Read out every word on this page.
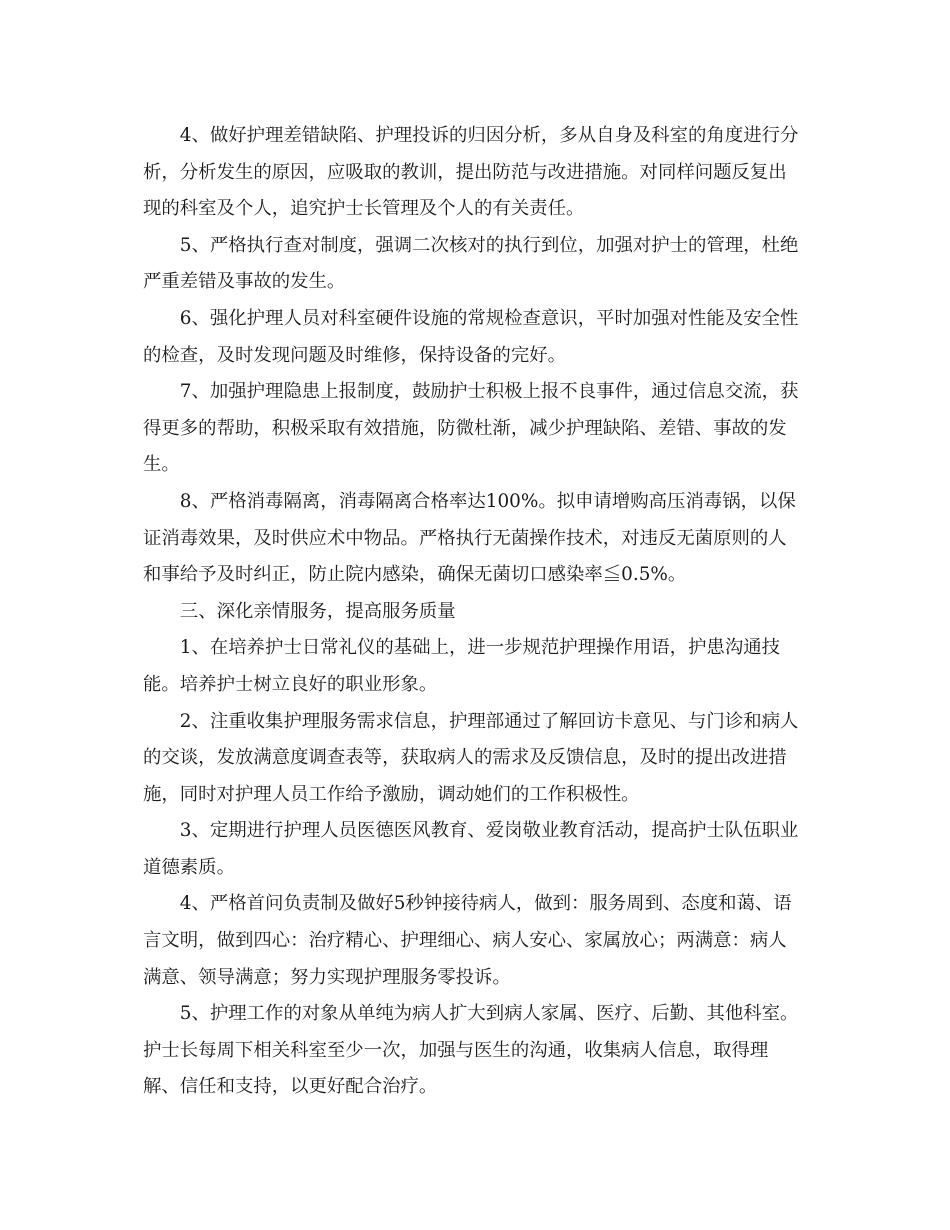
4、做好护理差错缺陷、护理投诉的归因分析，多从自身及科室的角度进行分
析，分析发生的原因，应吸取的教训，提出防范与改进措施。对同样问题反复出
现的科室及个人，追究护士长管理及个人的有关责任。

5、严格执行查对制度，强调二次核对的执行到位，加强对护士的管理，杜绝
严重差错及事故的发生。

6、强化护理人员对科室硬件设施的常规检查意识，平时加强对性能及安全性
的检查，及时发现问题及时维修，保持设备的完好。

7、加强护理隐患上报制度，鼓励护士积极上报不良事件，通过信息交流，获
得更多的帮助，积极采取有效措施，防微杜渐，减少护理缺陷、差错、事故的发
生。

8、严格消毒隔离，消毒隔离合格率达100%。拟申请增购高压消毒锅，以保
证消毒效果，及时供应术中物品。严格执行无菌操作技术，对违反无菌原则的人
和事给予及时纠正，防止院内感染，确保无菌切口感染率≦0.5%。

三、深化亲情服务，提高服务质量

1、在培养护士日常礼仪的基础上，进一步规范护理操作用语，护患沟通技
能。培养护士树立良好的职业形象。

2、注重收集护理服务需求信息，护理部通过了解回访卡意见、与门诊和病人
的交谈，发放满意度调查表等，获取病人的需求及反馈信息，及时的提出改进措
施，同时对护理人员工作给予激励，调动她们的工作积极性。

3、定期进行护理人员医德医风教育、爱岗敬业教育活动，提高护士队伍职业
道德素质。

4、严格首问负责制及做好5秒钟接待病人，做到：服务周到、态度和蔼、语
言文明，做到四心：治疗精心、护理细心、病人安心、家属放心；两满意：病人
满意、领导满意；努力实现护理服务零投诉。

5、护理工作的对象从单纯为病人扩大到病人家属、医疗、后勤、其他科室。
护士长每周下相关科室至少一次，加强与医生的沟通，收集病人信息，取得理
解、信任和支持，以更好配合治疗。
